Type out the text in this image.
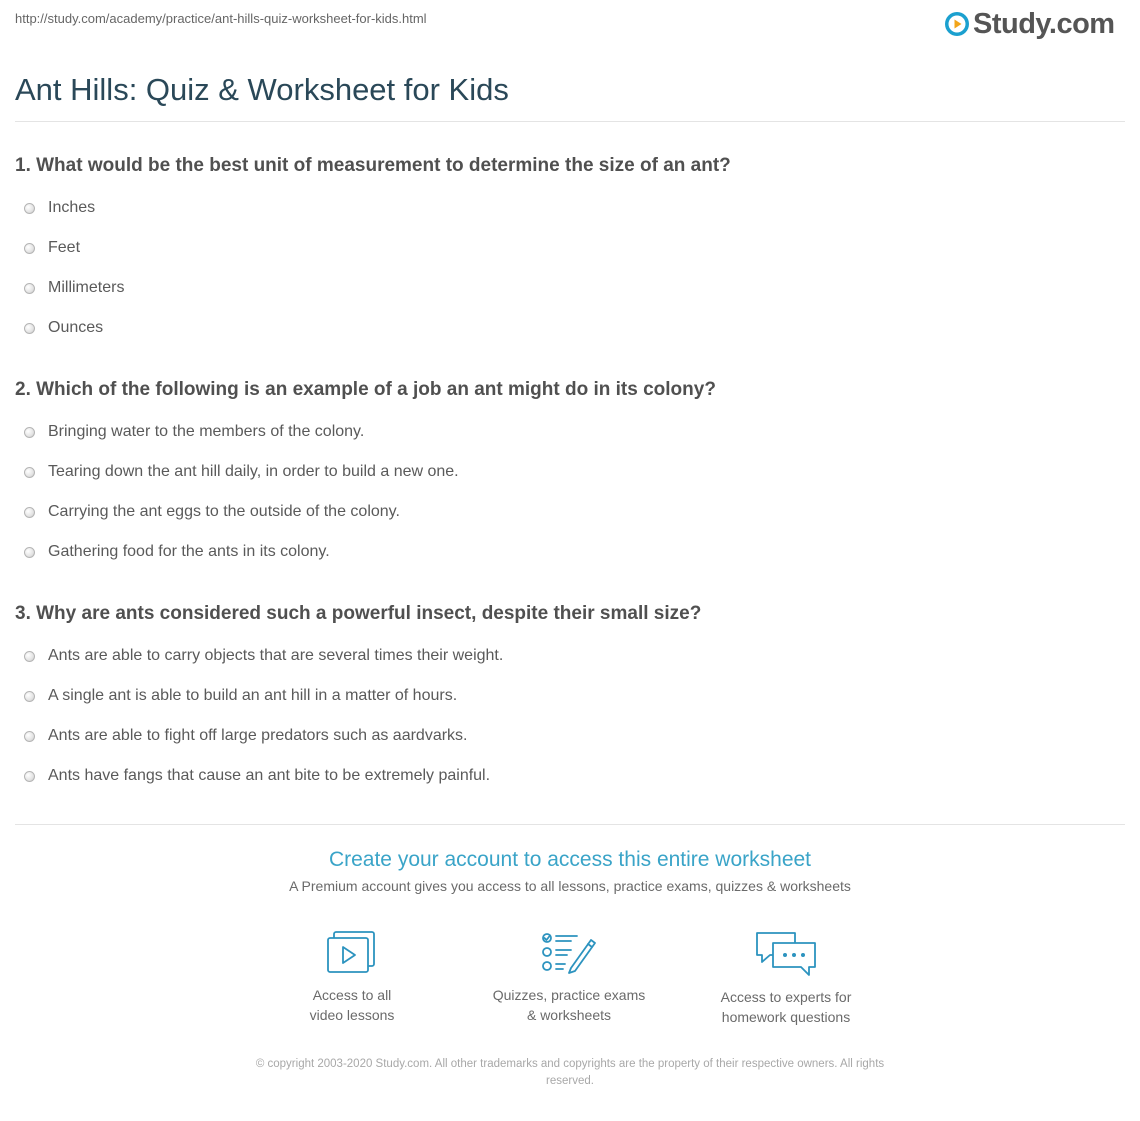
http://study.com/academy/practice/ant-hills-quiz-worksheet-for-kids.html	Study.com
Ant Hills: Quiz & Worksheet for Kids
1. What would be the best unit of measurement to determine the size of an ant?
Inches
Feet
Millimeters
Ounces
2. Which of the following is an example of a job an ant might do in its colony?
Bringing water to the members of the colony.
Tearing down the ant hill daily, in order to build a new one.
Carrying the ant eggs to the outside of the colony.
Gathering food for the ants in its colony.
3. Why are ants considered such a powerful insect, despite their small size?
Ants are able to carry objects that are several times their weight.
A single ant is able to build an ant hill in a matter of hours.
Ants are able to fight off large predators such as aardvarks.
Ants have fangs that cause an ant bite to be extremely painful.
Create your account to access this entire worksheet
A Premium account gives you access to all lessons, practice exams, quizzes & worksheets
Access to all
video lessons
Quizzes, practice exams
& worksheets
Access to experts for
homework questions
© copyright 2003-2020 Study.com. All other trademarks and copyrights are the property of their respective owners. All rights
reserved.
